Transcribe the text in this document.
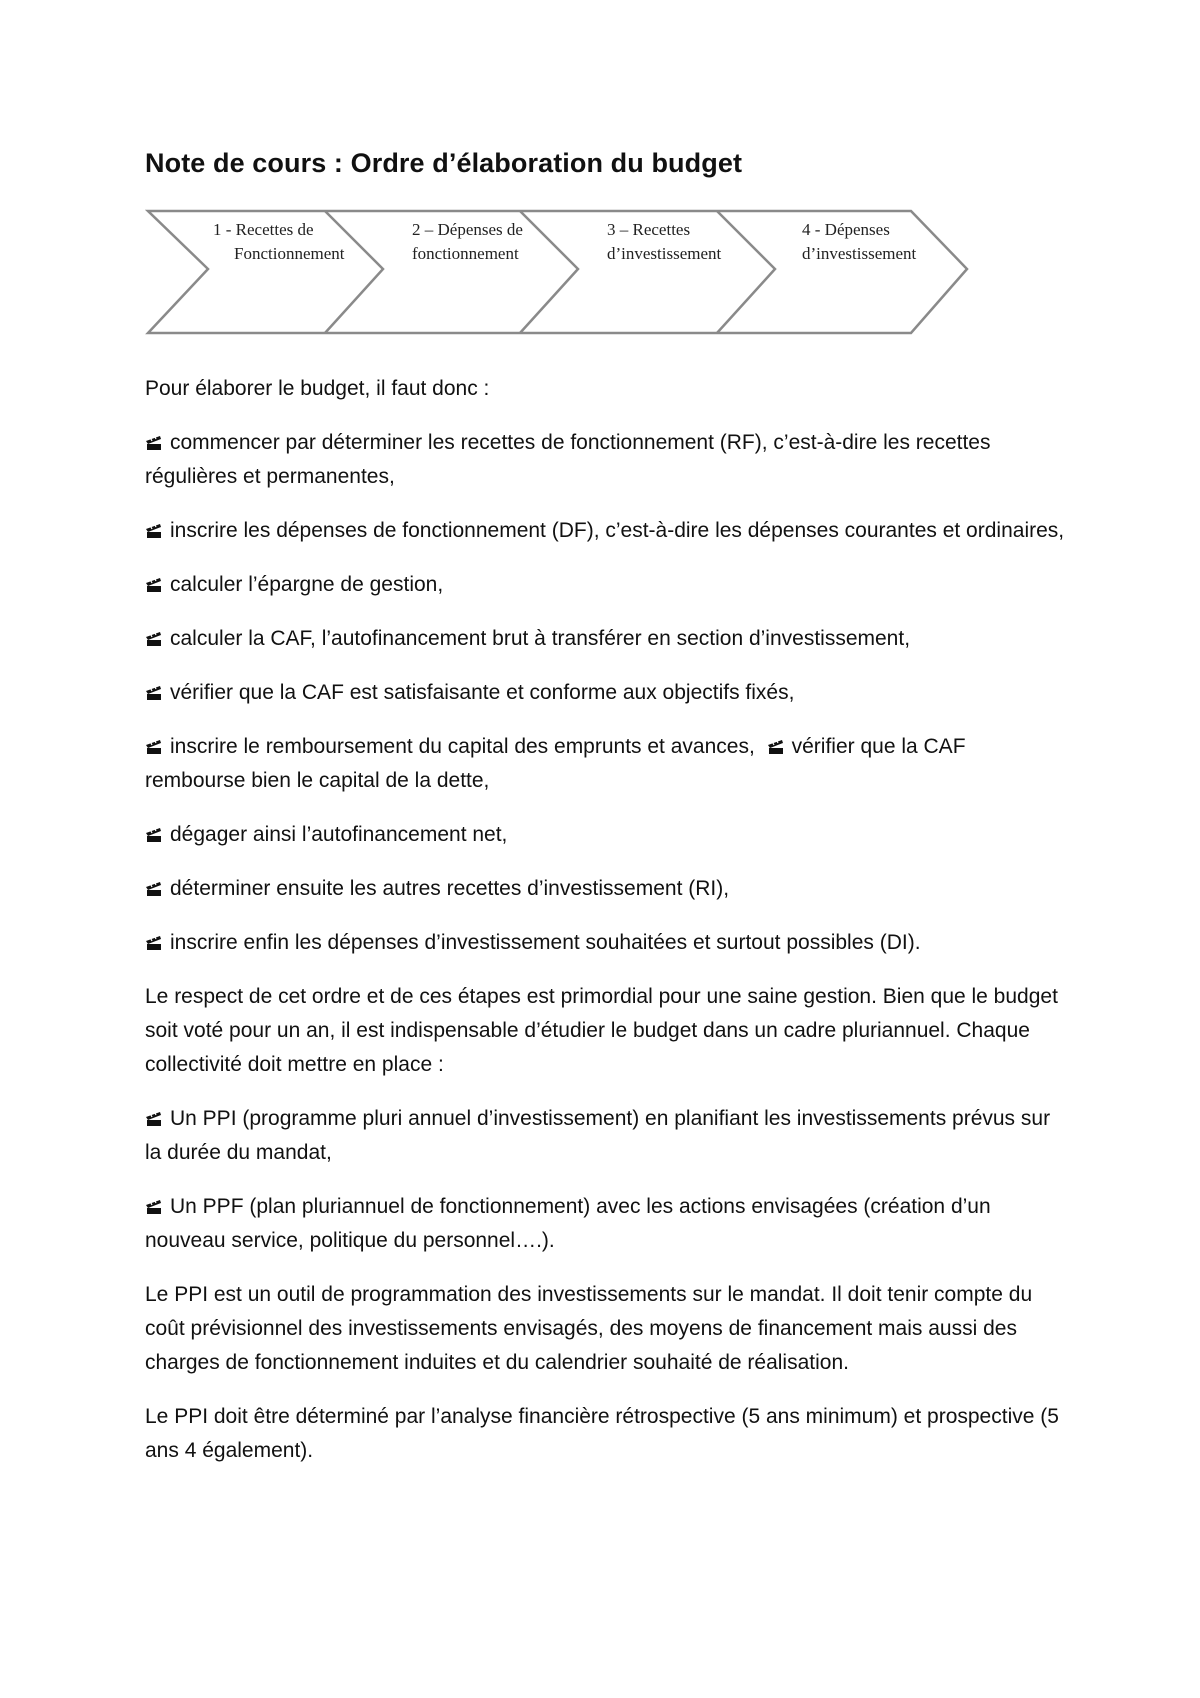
Note de cours : Ordre d’élaboration du budget
1 - Recettes de
Fonctionnement
2 – Dépenses de
fonctionnement
3 – Recettes
d’investissement
4 - Dépenses
d’investissement

Pour élaborer le budget, il faut donc :

commencer par déterminer les recettes de fonctionnement (RF), c’est-à-dire les recettes régulières et permanentes,

inscrire les dépenses de fonctionnement (DF), c’est-à-dire les dépenses courantes et ordinaires,

calculer l’épargne de gestion,

calculer la CAF, l’autofinancement brut à transférer en section d’investissement,

vérifier que la CAF est satisfaisante et conforme aux objectifs fixés,

inscrire le remboursement du capital des emprunts et avances, vérifier que la CAF rembourse bien le capital de la dette,

dégager ainsi l’autofinancement net,

déterminer ensuite les autres recettes d’investissement (RI),

inscrire enfin les dépenses d’investissement souhaitées et surtout possibles (DI).

Le respect de cet ordre et de ces étapes est primordial pour une saine gestion. Bien que le budget soit voté pour un an, il est indispensable d’étudier le budget dans un cadre pluriannuel. Chaque collectivité doit mettre en place :

Un PPI (programme pluri annuel d’investissement) en planifiant les investissements prévus sur la durée du mandat,

Un PPF (plan pluriannuel de fonctionnement) avec les actions envisagées (création d’un nouveau service, politique du personnel….).

Le PPI est un outil de programmation des investissements sur le mandat. Il doit tenir compte du coût prévisionnel des investissements envisagés, des moyens de financement mais aussi des charges de fonctionnement induites et du calendrier souhaité de réalisation.

Le PPI doit être déterminé par l’analyse financière rétrospective (5 ans minimum) et prospective (5 ans 4 également).
